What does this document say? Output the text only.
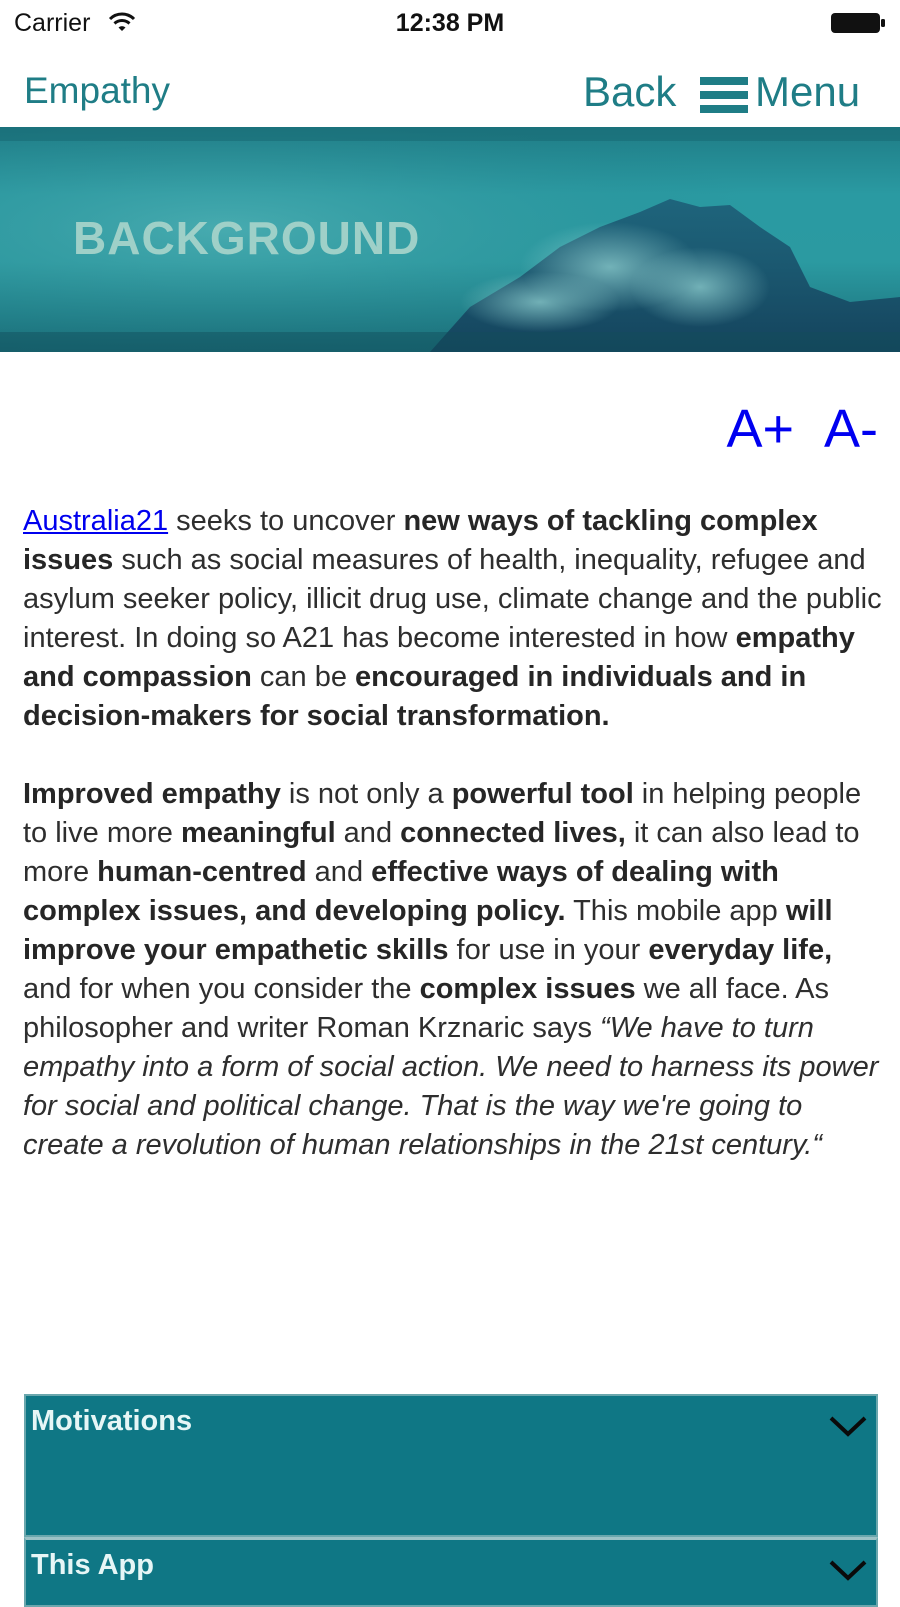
Carrier	12:38 PM
Empathy	Back Menu
BACKGROUND
A+ A-

Australia21 seeks to uncover new ways of tackling complex issues such as social measures of health, inequality, refugee and asylum seeker policy, illicit drug use, climate change and the public interest. In doing so A21 has become interested in how empathy and compassion can be encouraged in individuals and in decision-makers for social transformation.

Improved empathy is not only a powerful tool in helping people to live more meaningful and connected lives, it can also lead to more human-centred and effective ways of dealing with complex issues, and developing policy. This mobile app will improve your empathetic skills for use in your everyday life, and for when you consider the complex issues we all face. As philosopher and writer Roman Krznaric says “We have to turn empathy into a form of social action. We need to harness its power for social and political change. That is the way we're going to create a revolution of human relationships in the 21st century.“

Motivations
This App
